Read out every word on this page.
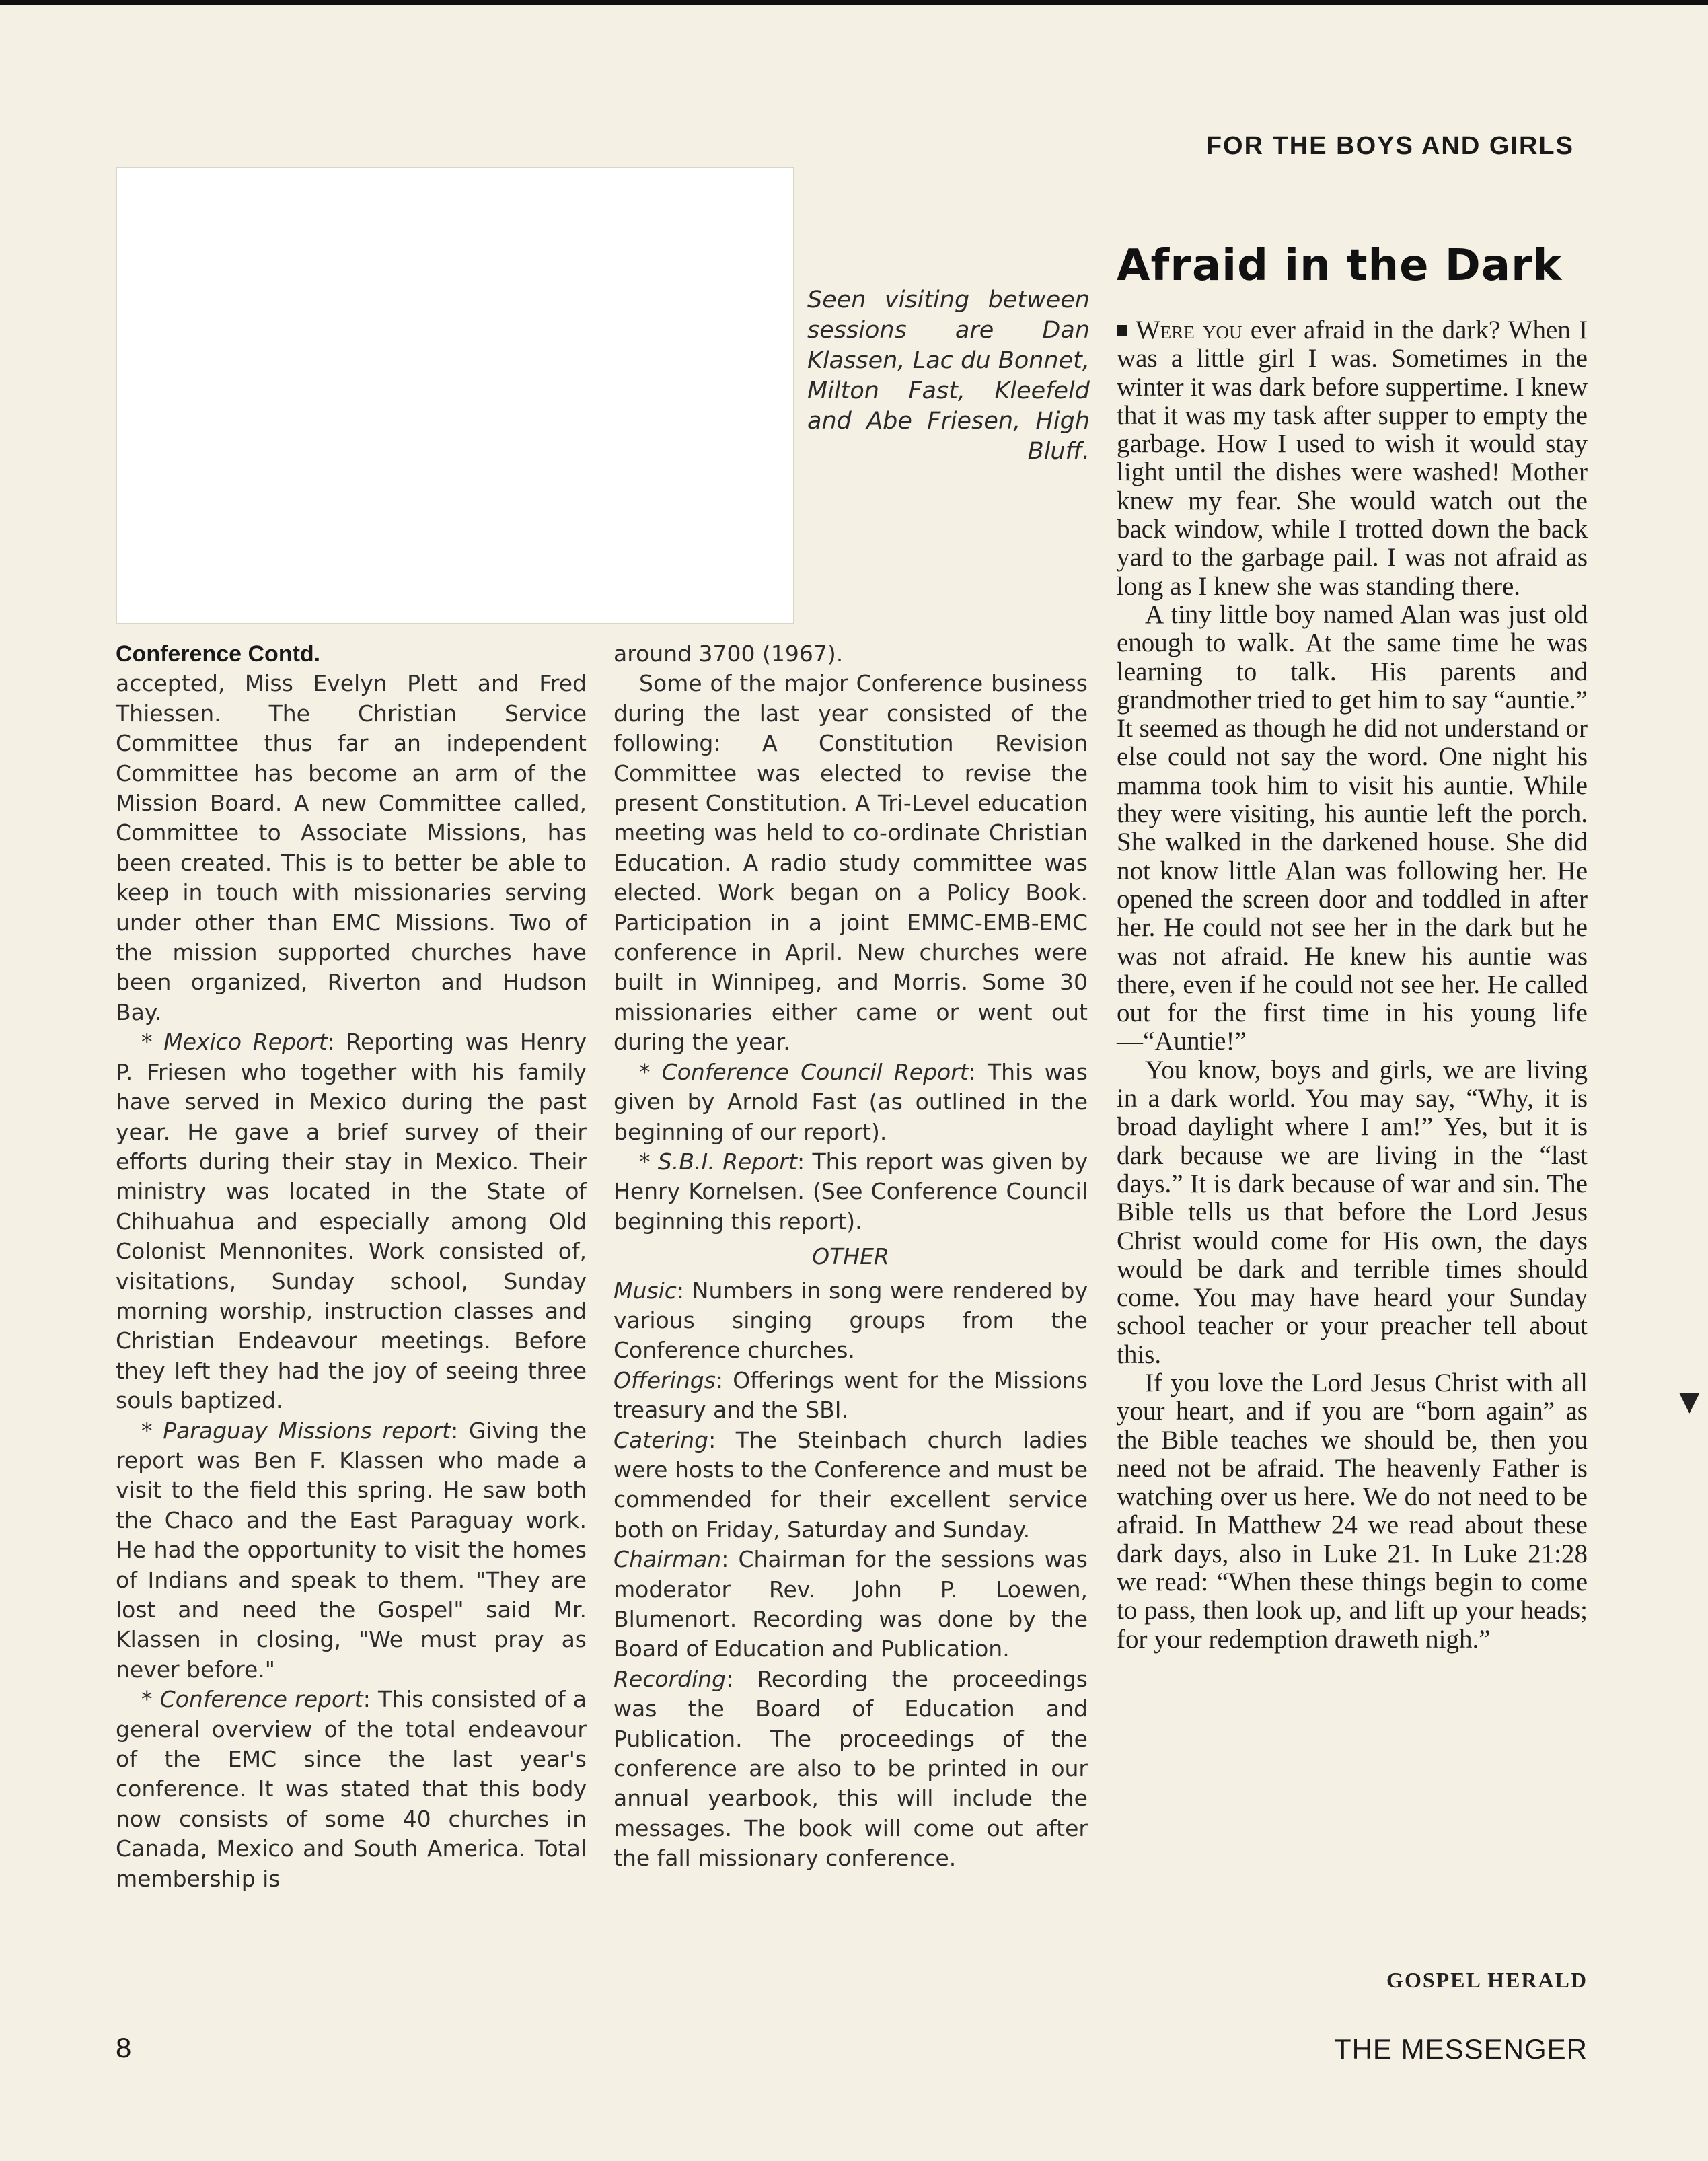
FOR THE BOYS AND GIRLS
Seen visiting between sessions are Dan Klassen, Lac du Bonnet, Milton Fast, Kleefeld and Abe Friesen, High Bluff.

Conference Contd.

accepted, Miss Evelyn Plett and Fred Thiessen. The Christian Service Committee thus far an independent Committee has become an arm of the Mission Board. A new Committee called, Committee to Associate Missions, has been created. This is to better be able to keep in touch with missionaries serving under other than EMC Missions. Two of the mission supported churches have been organized, Riverton and Hudson Bay.

* Mexico Report: Reporting was Henry P. Friesen who together with his family have served in Mexico during the past year. He gave a brief survey of their efforts during their stay in Mexico. Their ministry was located in the State of Chihuahua and especially among Old Colonist Mennonites. Work consisted of, visitations, Sunday school, Sunday morning worship, instruction classes and Christian Endeavour meetings. Before they left they had the joy of seeing three souls baptized.

* Paraguay Missions report: Giving the report was Ben F. Klassen who made a visit to the field this spring. He saw both the Chaco and the East Paraguay work. He had the opportunity to visit the homes of Indians and speak to them. "They are lost and need the Gospel" said Mr. Klassen in closing, "We must pray as never before."

* Conference report: This consisted of a general overview of the total endeavour of the EMC since the last year's conference. It was stated that this body now consists of some 40 churches in Canada, Mexico and South America. Total membership is

around 3700 (1967).

Some of the major Conference business during the last year consisted of the following: A Constitution Revision Committee was elected to revise the present Constitution. A Tri-Level education meeting was held to co-ordinate Christian Education. A radio study committee was elected. Work began on a Policy Book. Participation in a joint EMMC-EMB-EMC conference in April. New churches were built in Winnipeg, and Morris. Some 30 missionaries either came or went out during the year.

* Conference Council Report: This was given by Arnold Fast (as outlined in the beginning of our report).

* S.B.I. Report: This report was given by Henry Kornelsen. (See Conference Council beginning this report).

OTHER

Music: Numbers in song were rendered by various singing groups from the Conference churches.

Offerings: Offerings went for the Missions treasury and the SBI.

Catering: The Steinbach church ladies were hosts to the Conference and must be commended for their excellent service both on Friday, Saturday and Sunday.

Chairman: Chairman for the sessions was moderator Rev. John P. Loewen, Blumenort. Recording was done by the Board of Education and Publication.

Recording: Recording the proceedings was the Board of Education and Publication. The proceedings of the conference are also to be printed in our annual yearbook, this will include the messages. The book will come out after the fall missionary conference.

Afraid in the Dark

Were you ever afraid in the dark? When I was a little girl I was. Sometimes in the winter it was dark before suppertime. I knew that it was my task after supper to empty the garbage. How I used to wish it would stay light until the dishes were washed! Mother knew my fear. She would watch out the back window, while I trotted down the back yard to the garbage pail. I was not afraid as long as I knew she was standing there.

A tiny little boy named Alan was just old enough to walk. At the same time he was learning to talk. His parents and grandmother tried to get him to say “auntie.” It seemed as though he did not understand or else could not say the word. One night his mamma took him to visit his auntie. While they were visiting, his auntie left the porch. She walked in the darkened house. She did not know little Alan was following her. He opened the screen door and toddled in after her. He could not see her in the dark but he was not afraid. He knew his auntie was there, even if he could not see her. He called out for the first time in his young life—“Auntie!”

You know, boys and girls, we are living in a dark world. You may say, “Why, it is broad daylight where I am!” Yes, but it is dark because we are living in the “last days.” It is dark because of war and sin. The Bible tells us that before the Lord Jesus Christ would come for His own, the days would be dark and terrible times should come. You may have heard your Sunday school teacher or your preacher tell about this.

If you love the Lord Jesus Christ with all your heart, and if you are “born again” as the Bible teaches we should be, then you need not be afraid. The heavenly Father is watching over us here. We do not need to be afraid. In Matthew 24 we read about these dark days, also in Luke 21. In Luke 21:28 we read: “When these things begin to come to pass, then look up, and lift up your heads; for your redemption draweth nigh.”

GOSPEL HERALD
8	THE MESSENGER
▼
